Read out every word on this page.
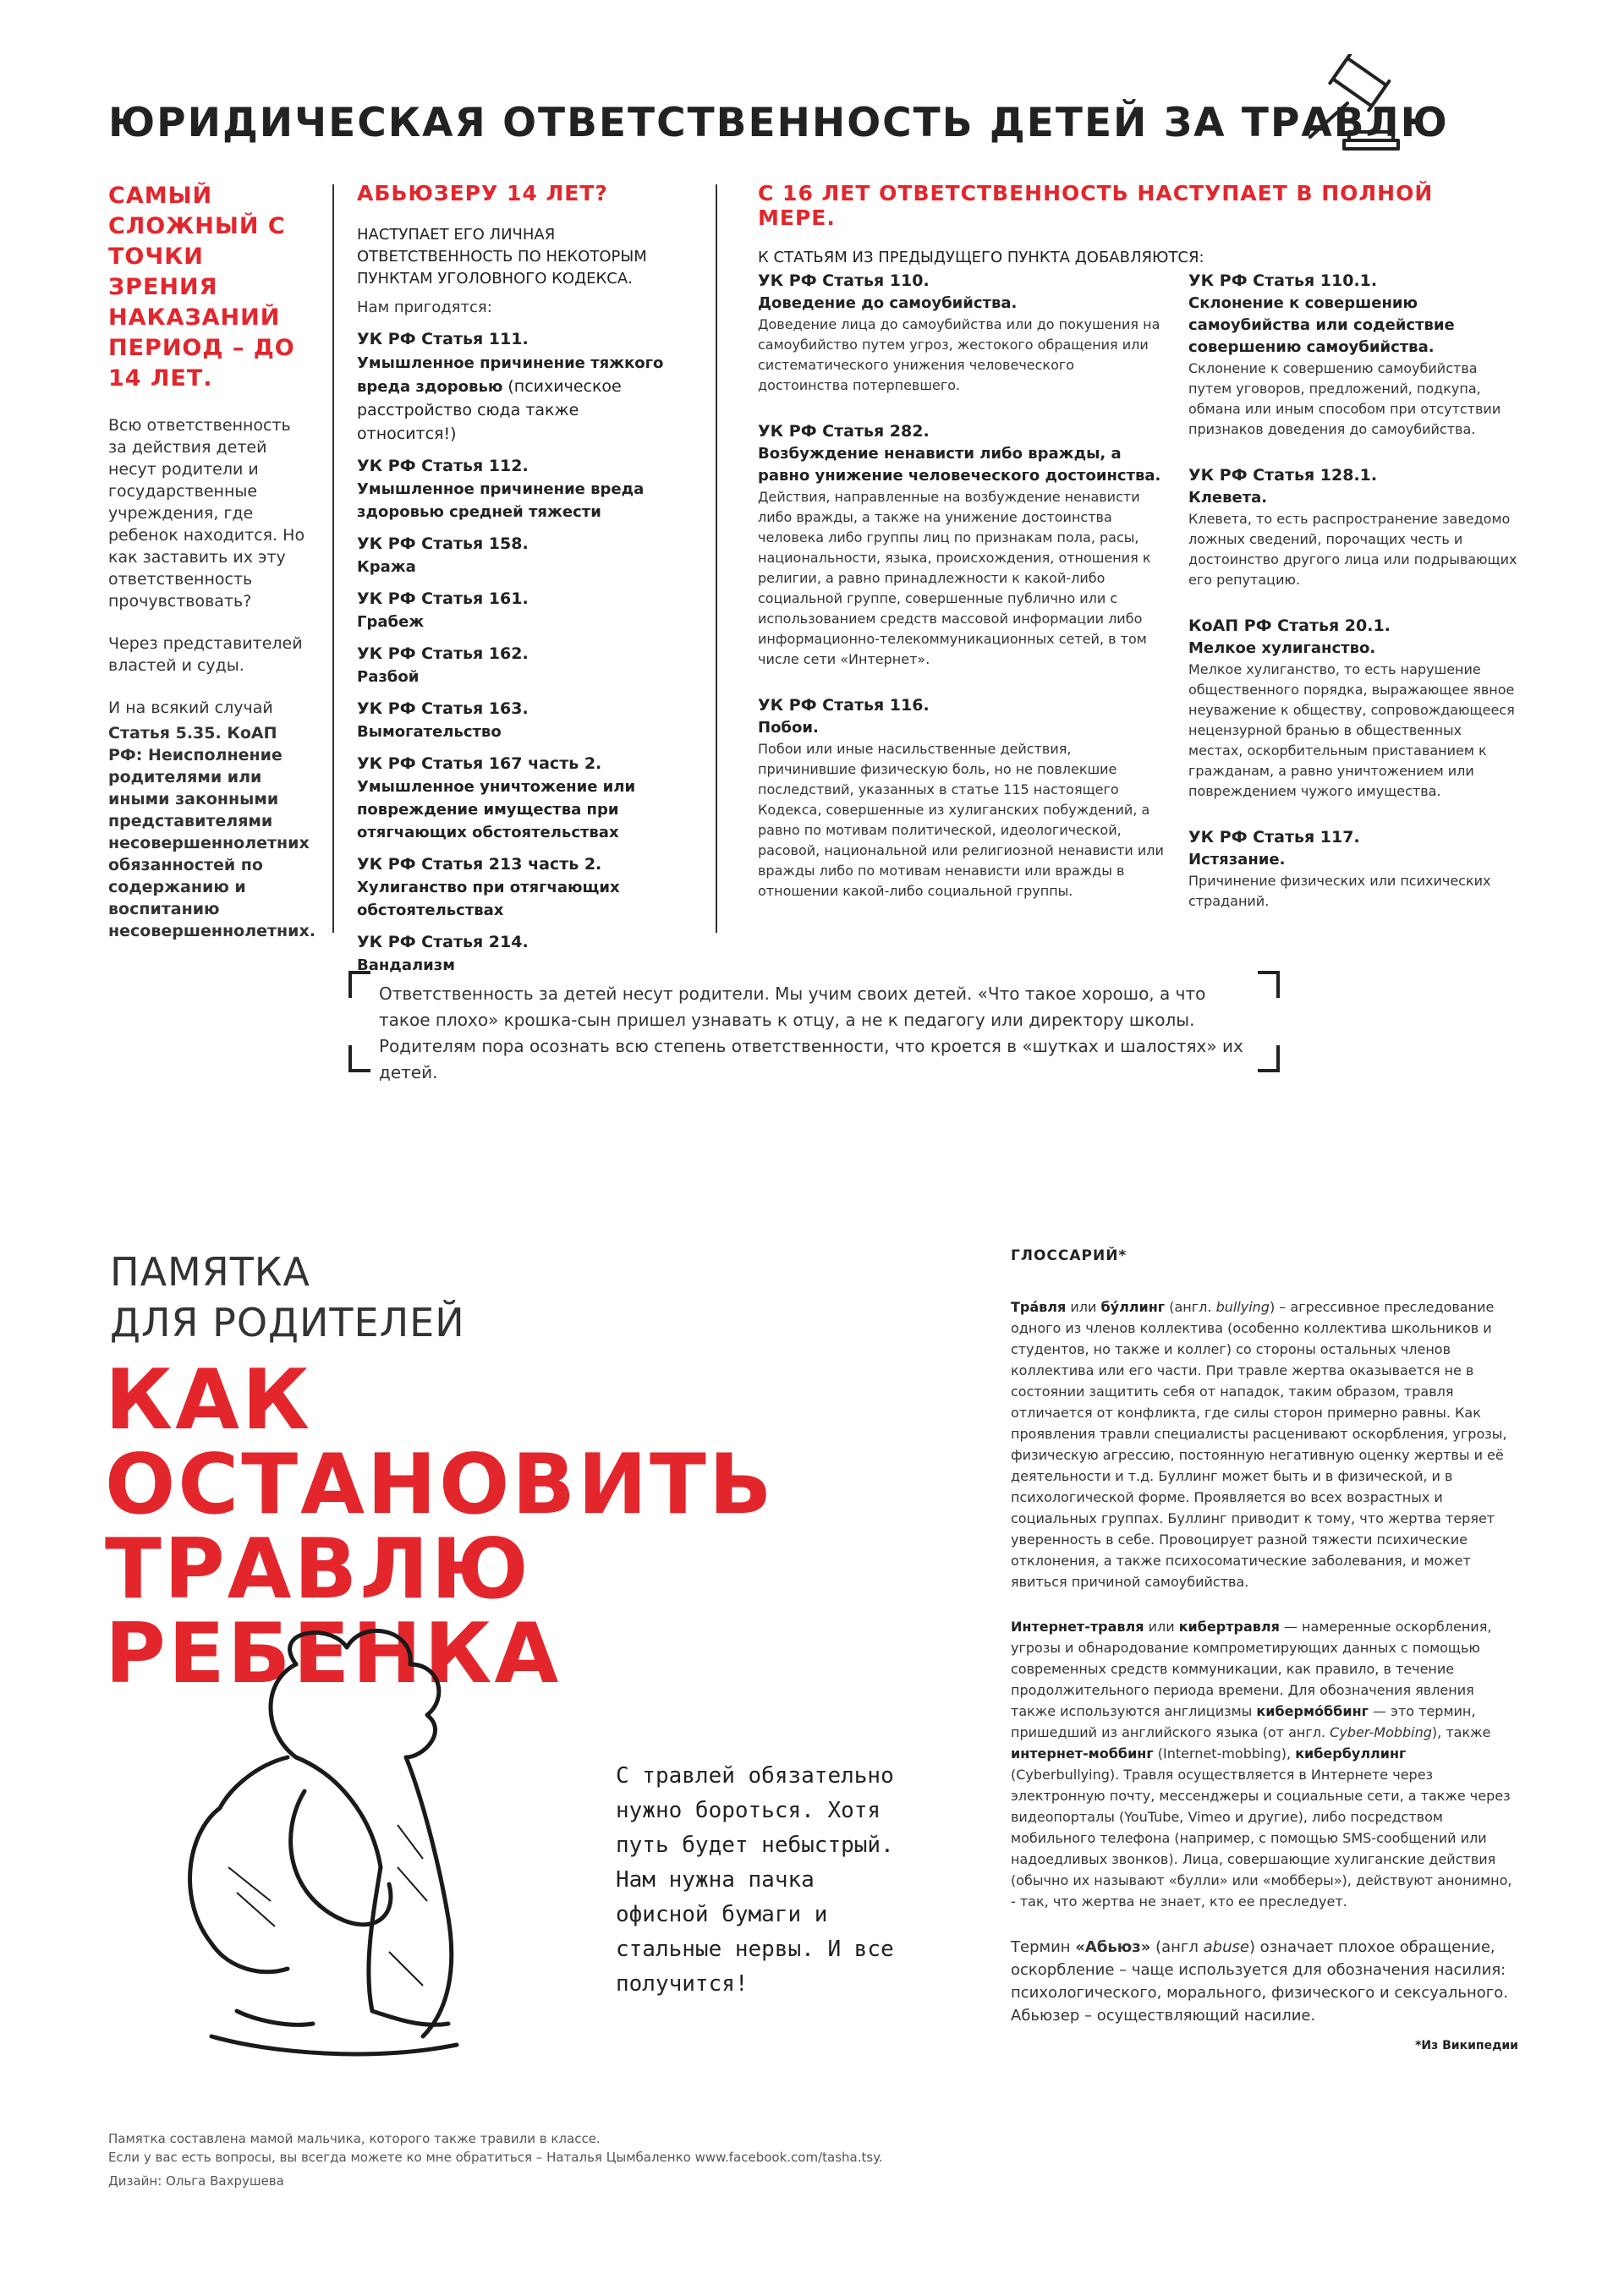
ЮРИДИЧЕСКАЯ ОТВЕТСТВЕННОСТЬ ДЕТЕЙ ЗА ТРАВЛЮ
САМЫЙ СЛОЖНЫЙ С ТОЧКИ ЗРЕНИЯ НАКАЗАНИЙ ПЕРИОД – ДО 14 ЛЕТ.

Всю ответственность за действия детей несут родители и государственные учреждения, где ребенок находится. Но как заставить их эту ответственность прочувствовать?

Через представителей властей и суды.

И на всякий случай

Статья 5.35. КоАП РФ: Неисполнение родителями или иными законными представителями несовершеннолетних обязанностей по содержанию и воспитанию несовершеннолетних.

АБЬЮЗЕРУ 14 ЛЕТ?
НАСТУПАЕТ ЕГО ЛИЧНАЯ ОТВЕТСТВЕННОСТЬ ПО НЕКОТОРЫМ ПУНКТАМ УГОЛОВНОГО КОДЕКСА.
Нам пригодятся:
УК РФ Статья 111.
Умышленное причинение тяжкого вреда здоровью (психическое расстройство сюда также относится!)
УК РФ Статья 112.
Умышленное причинение вреда здоровью средней тяжести
УК РФ Статья 158.
Кража
УК РФ Статья 161.
Грабеж
УК РФ Статья 162.
Разбой
УК РФ Статья 163.
Вымогательство
УК РФ Статья 167 часть 2.
Умышленное уничтожение или повреждение имущества при отягчающих обстоятельствах
УК РФ Статья 213 часть 2.
Хулиганство при отягчающих обстоятельствах
УК РФ Статья 214.
Вандализм
С 16 ЛЕТ ОТВЕТСТВЕННОСТЬ НАСТУПАЕТ В ПОЛНОЙ МЕРЕ.
К СТАТЬЯМ ИЗ ПРЕДЫДУЩЕГО ПУНКТА ДОБАВЛЯЮТСЯ:
УК РФ Статья 110.
Доведение до самоубийства.
Доведение лица до самоубийства или до покушения на самоубийство путем угроз, жестокого обращения или систематического унижения человеческого достоинства потерпевшего.
УК РФ Статья 282.
Возбуждение ненависти либо вражды, а равно унижение человеческого достоинства.
Действия, направленные на возбуждение ненависти либо вражды, а также на унижение достоинства человека либо группы лиц по признакам пола, расы, национальности, языка, происхождения, отношения к религии, а равно принадлежности к какой-либо социальной группе, совершенные публично или с использованием средств массовой информации либо информационно-телекоммуникационных сетей, в том числе сети «Интернет».
УК РФ Статья 116.
Побои.
Побои или иные насильственные действия, причинившие физическую боль, но не повлекшие последствий, указанных в статье 115 настоящего Кодекса, совершенные из хулиганских побуждений, а равно по мотивам политической, идеологической, расовой, национальной или религиозной ненависти или вражды либо по мотивам ненависти или вражды в отношении какой-либо социальной группы.
УК РФ Статья 110.1.
Склонение к совершению самоубийства или содействие совершению самоубийства.
Склонение к совершению самоубийства путем уговоров, предложений, подкупа, обмана или иным способом при отсутствии признаков доведения до самоубийства.
УК РФ Статья 128.1.
Клевета.
Клевета, то есть распространение заведомо ложных сведений, порочащих честь и достоинство другого лица или подрывающих его репутацию.
КоАП РФ Статья 20.1.
Мелкое хулиганство.
Мелкое хулиганство, то есть нарушение общественного порядка, выражающее явное неуважение к обществу, сопровождающееся нецензурной бранью в общественных местах, оскорбительным приставанием к гражданам, а равно уничтожением или повреждением чужого имущества.
УК РФ Статья 117.
Истязание.
Причинение физических или психических страданий.
Ответственность за детей несут родители. Мы учим своих детей. «Что такое хорошо, а что такое плохо» крошка-сын пришел узнавать к отцу, а не к педагогу или директору школы. Родителям пора осознать всю степень ответственности, что кроется в «шутках и шалостях» их детей.
ПАМЯТКА
ДЛЯ РОДИТЕЛЕЙ
КАК ОСТАНОВИТЬ
ТРАВЛЮ РЕБЕНКА
С травлей обязательно нужно бороться. Хотя путь будет небыстрый. Нам нужна пачка офисной бумаги и стальные нервы. И все получится!
Памятка составлена мамой мальчика, которого также травили в классе.
Если у вас есть вопросы, вы всегда можете ко мне обратиться – Наталья Цымбаленко www.facebook.com/tasha.tsy.
Дизайн: Ольга Вахрушева
ГЛОССАРИЙ*
Тра́вля или бу́ллинг (англ. bullying) – агрессивное преследование одного из членов коллектива (особенно коллектива школьников и студентов, но также и коллег) со стороны остальных членов коллектива или его части. При травле жертва оказывается не в состоянии защитить себя от нападок, таким образом, травля отличается от конфликта, где силы сторон примерно равны. Как проявления травли специалисты расценивают оскорбления, угрозы, физическую агрессию, постоянную негативную оценку жертвы и её деятельности и т.д. Буллинг может быть и в физической, и в психологической форме. Проявляется во всех возрастных и социальных группах. Буллинг приводит к тому, что жертва теряет уверенность в себе. Провоцирует разной тяжести психические отклонения, а также психосоматические заболевания, и может явиться причиной самоубийства.
Интернет-травля или кибертравля — намеренные оскорбления, угрозы и обнародование компрометирующих данных с помощью современных средств коммуникации, как правило, в течение продолжительного периода времени. Для обозначения явления также используются англицизмы кибермо́ббинг — это термин, пришедший из английского языка (от англ. Cyber-Mobbing), также интернет-моббинг (Internet-mobbing), кибербуллинг (Cyberbullying). Травля осуществляется в Интернете через электронную почту, мессенджеры и социальные сети, а также через видеопорталы (YouTube, Vimeo и другие), либо посредством мобильного телефона (например, с помощью SMS-сообщений или надоедливых звонков). Лица, совершающие хулиганские действия (обычно их называют «булли» или «мобберы»), действуют анонимно, - так, что жертва не знает, кто ее преследует.
Термин «Абьюз» (англ abuse) означает плохое обращение, оскорбление – чаще используется для обозначения насилия: психологического, морального, физического и сексуального. Абьюзер – осуществляющий насилие.
*Из Википедии
